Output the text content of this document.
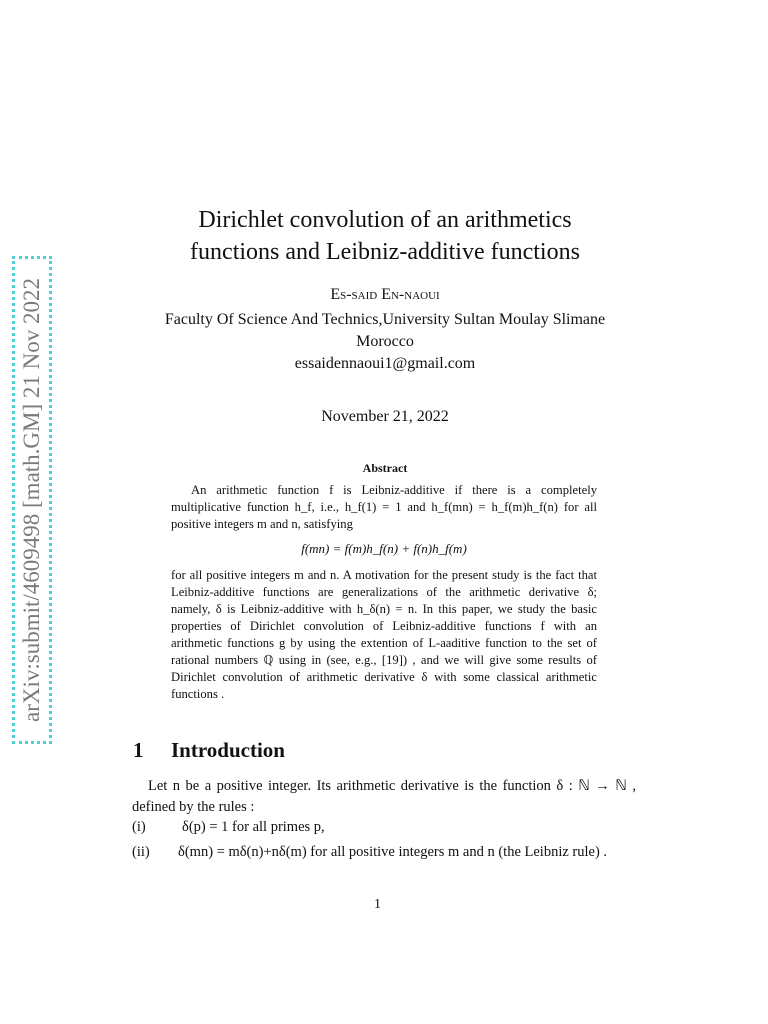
arXiv:submit/4609498 [math.GM] 21 Nov 2022
Dirichlet convolution of an arithmetics
functions and Leibniz-additive functions
Es-said En-naoui
Faculty Of Science And Technics,University Sultan Moulay Slimane
Morocco
essaidennaoui1@gmail.com
November 21, 2022
Abstract
An arithmetic function f is Leibniz-additive if there is a completely multiplicative function h_f, i.e., h_f(1) = 1 and h_f(mn) = h_f(m)h_f(n) for all positive integers m and n, satisfying
f(mn) = f(m)h_f(n) + f(n)h_f(m)
for all positive integers m and n. A motivation for the present study is the fact that Leibniz-additive functions are generalizations of the arithmetic derivative δ; namely, δ is Leibniz-additive with h_δ(n) = n. In this paper, we study the basic properties of Dirichlet convolution of Leibniz-additive functions f with an arithmetic functions g by using the extention of L-aaditive function to the set of rational numbers ℚ using in (see, e.g., [19]) , and we will give some results of Dirichlet convolution of arithmetic derivative δ with some classical arithmetic functions .
1 Introduction
Let n be a positive integer. Its arithmetic derivative is the function δ : ℕ → ℕ , defined by the rules :
(i)	δ(p) = 1 for all primes p,
(ii) δ(mn) = mδ(n)+nδ(m) for all positive integers m and n (the Leibniz rule) .
1
